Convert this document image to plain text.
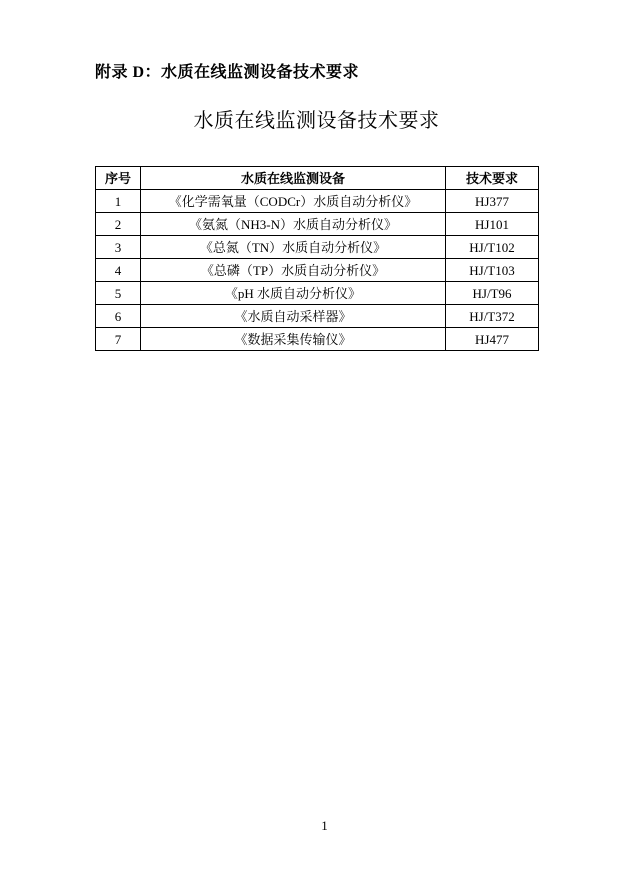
附录 D：水质在线监测设备技术要求
水质在线监测设备技术要求
序号	水质在线监测设备	技术要求
1	《化学需氧量（CODCr）水质自动分析仪》	HJ377
2	《氨氮（NH3-N）水质自动分析仪》	HJ101
3	《总氮（TN）水质自动分析仪》	HJ/T102
4	《总磷（TP）水质自动分析仪》	HJ/T103
5	《pH 水质自动分析仪》	HJ/T96
6	《水质自动采样器》	HJ/T372
7	《数据采集传输仪》	HJ477
1
